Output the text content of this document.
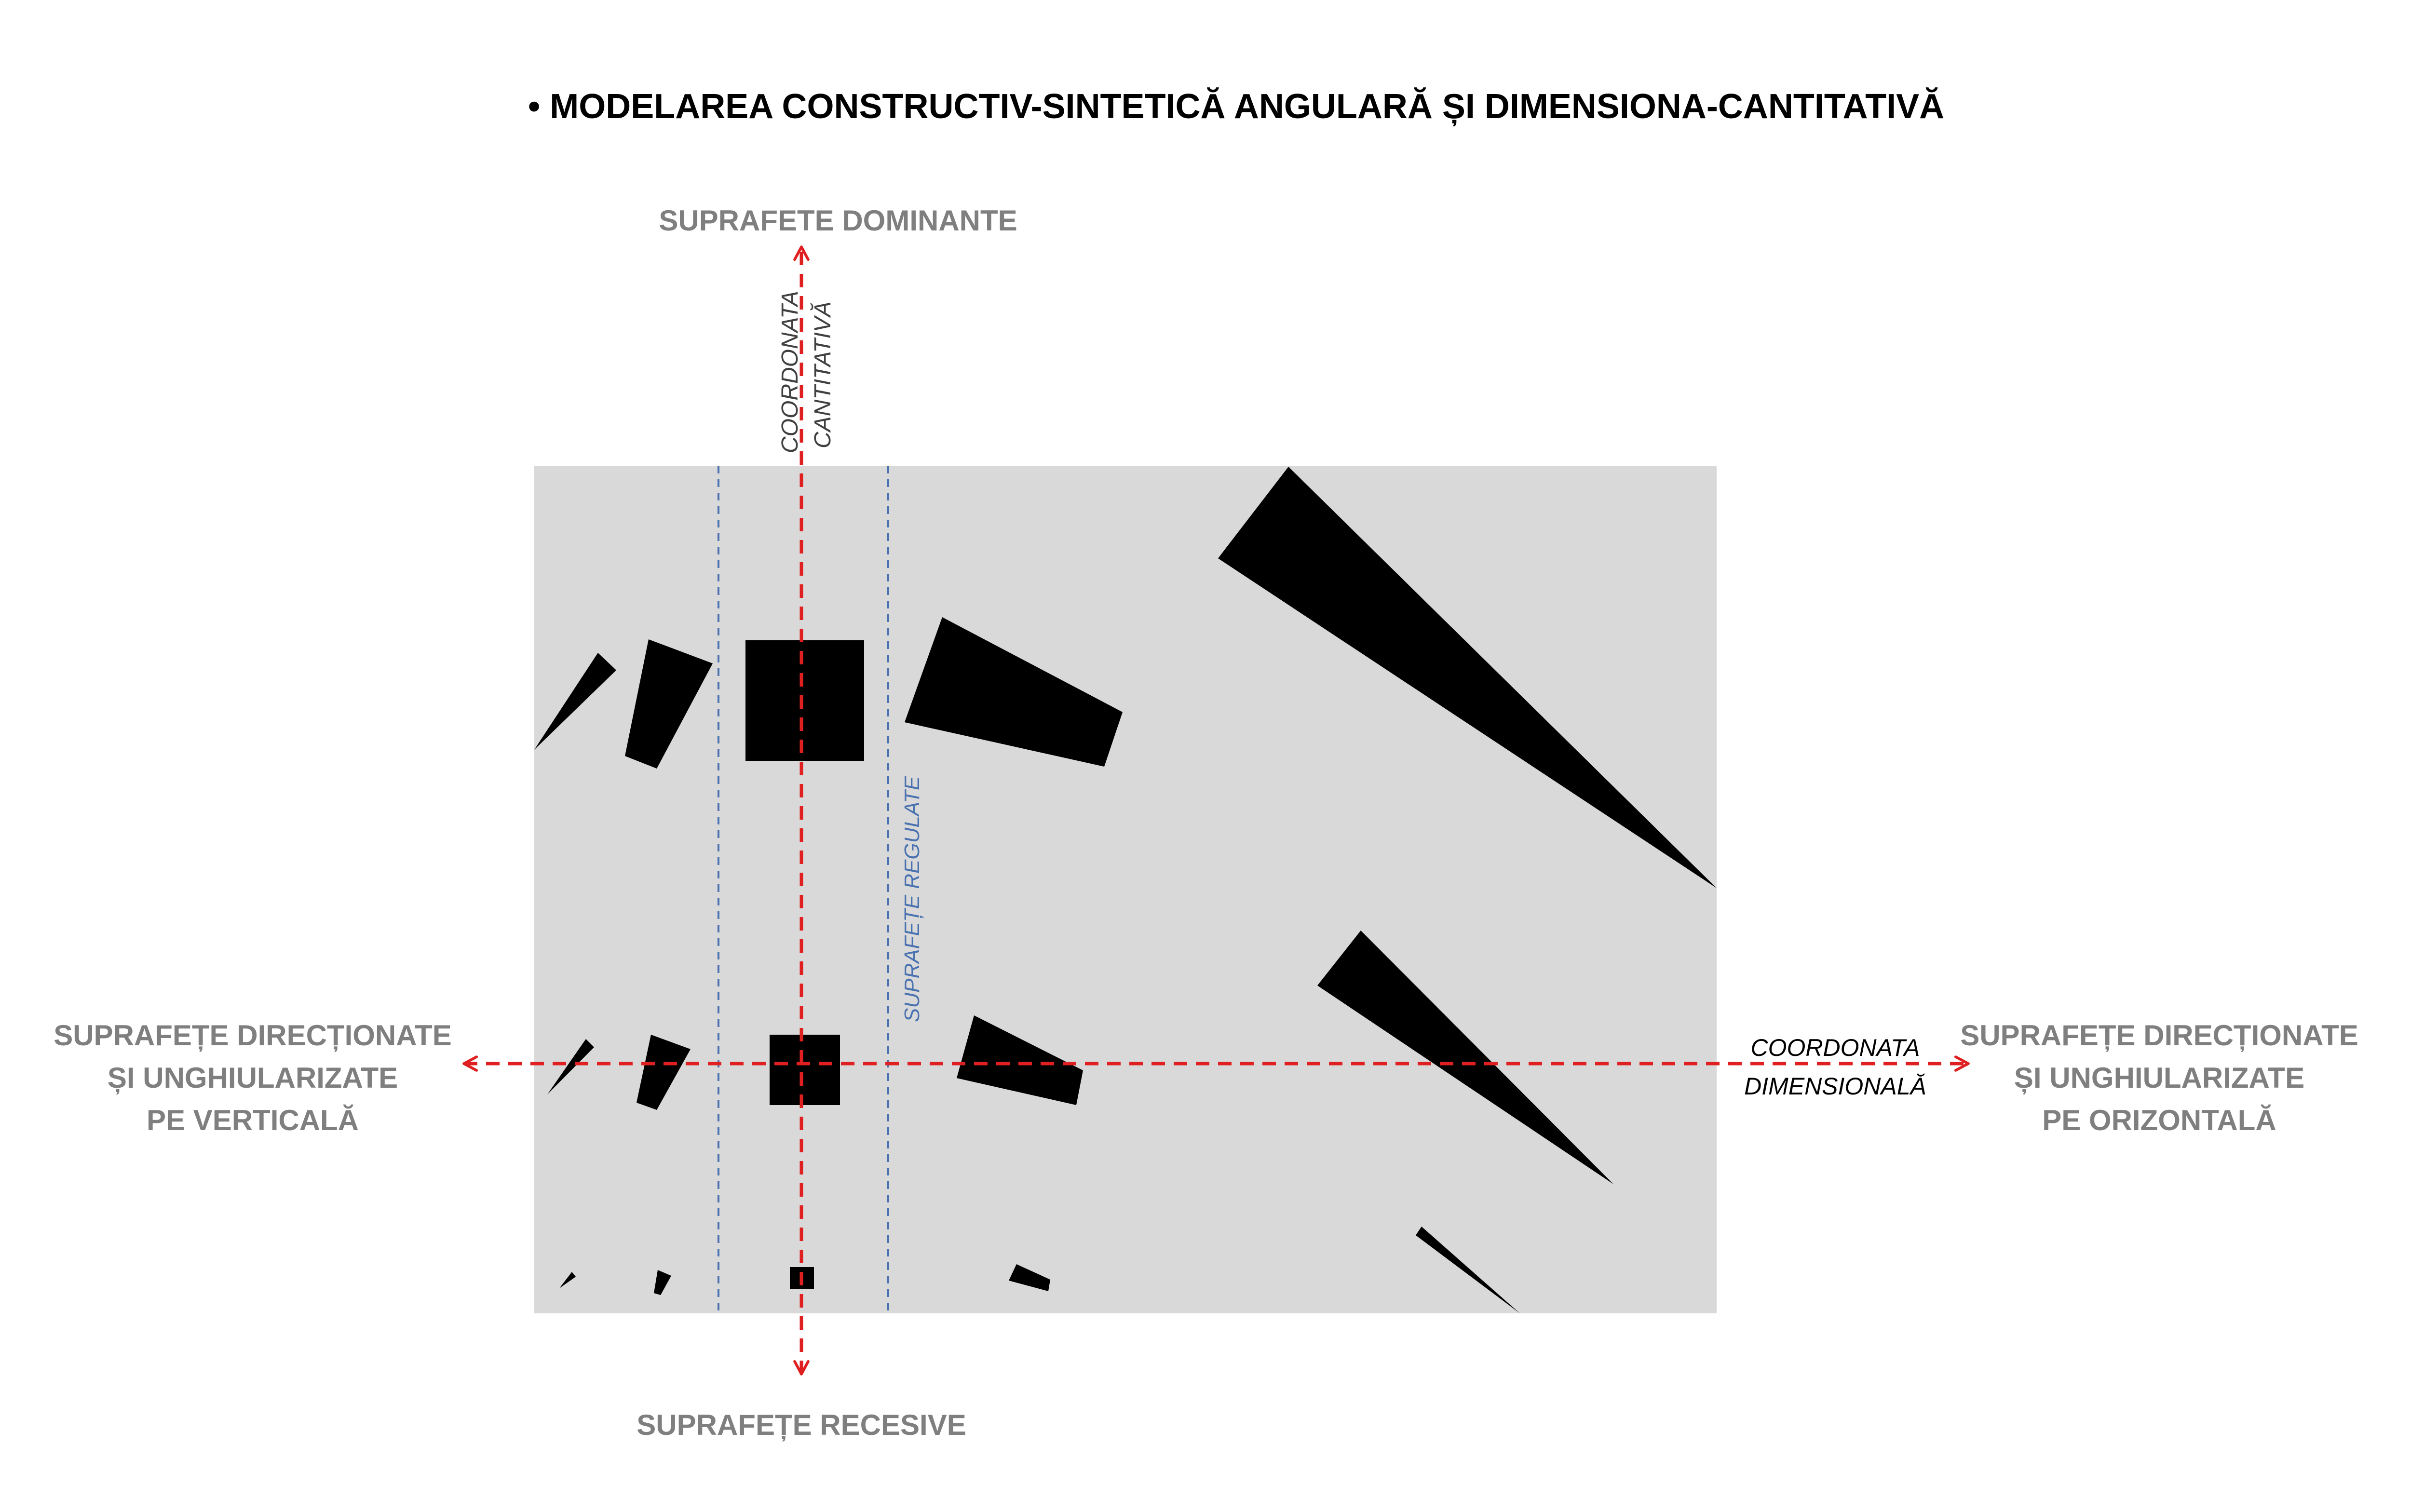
• MODELAREA CONSTRUCTIV-SINTETICĂ ANGULARĂ ȘI DIMENSIONA-CANTITATIVĂ
SUPRAFETE DOMINANTE
SUPRAFEȚE RECESIVE
SUPRAFEȚE DIRECȚIONATE
ȘI UNGHIULARIZATE
PE VERTICALĂ
SUPRAFEȚE DIRECȚIONATE
ȘI UNGHIULARIZATE
PE ORIZONTALĂ
COORDONATA
DIMENSIONALĂ
COORDONATA CANTITATIVĂ
SUPRAFEȚE REGULATE
